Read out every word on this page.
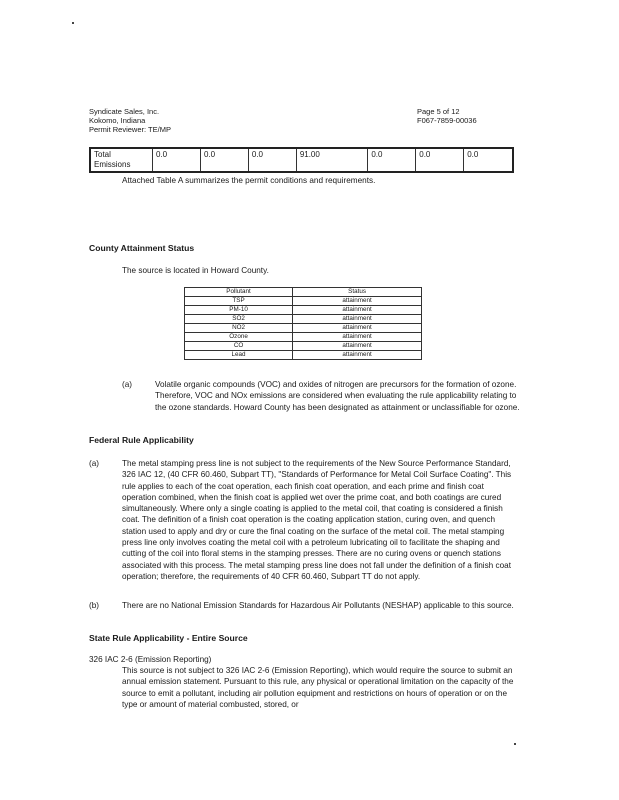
Syndicate Sales, Inc.
Kokomo, Indiana
Permit Reviewer: TE/MP
Page 5 of 12
F067-7859-00036
Total
Emissions	0.0	0.0	0.0	91.00	0.0	0.0	0.0
Attached Table A summarizes the permit conditions and requirements.
County Attainment Status
The source is located in Howard County.
Pollutant	Status
TSP	attainment
PM-10	attainment
SO2	attainment
NO2	attainment
Ozone	attainment
CO	attainment
Lead	attainment
(a)	Volatile organic compounds (VOC) and oxides of nitrogen are precursors for the formation of ozone. Therefore, VOC and NOx emissions are considered when evaluating the rule applicability relating to the ozone standards. Howard County has been designated as attainment or unclassifiable for ozone.
Federal Rule Applicability
(a)	The metal stamping press line is not subject to the requirements of the New Source Performance Standard, 326 IAC 12, (40 CFR 60.460, Subpart TT), "Standards of Performance for Metal Coil Surface Coating". This rule applies to each of the coat operation, each finish coat operation, and each prime and finish coat operation combined, when the finish coat is applied wet over the prime coat, and both coatings are cured simultaneously. Where only a single coating is applied to the metal coil, that coating is considered a finish coat. The definition of a finish coat operation is the coating application station, curing oven, and quench station used to apply and dry or cure the final coating on the surface of the metal coil. The metal stamping press line only involves coating the metal coil with a petroleum lubricating oil to facilitate the shaping and cutting of the coil into floral stems in the stamping presses. There are no curing ovens or quench stations associated with this process. The metal stamping press line does not fall under the definition of a finish coat operation; therefore, the requirements of 40 CFR 60.460, Subpart TT do not apply.
(b)	There are no National Emission Standards for Hazardous Air Pollutants (NESHAP) applicable to this source.
State Rule Applicability - Entire Source
326 IAC 2-6 (Emission Reporting)
This source is not subject to 326 IAC 2-6 (Emission Reporting), which would require the source to submit an annual emission statement. Pursuant to this rule, any physical or operational limitation on the capacity of the source to emit a pollutant, including air pollution equipment and restrictions on hours of operation or on the type or amount of material combusted, stored, or
